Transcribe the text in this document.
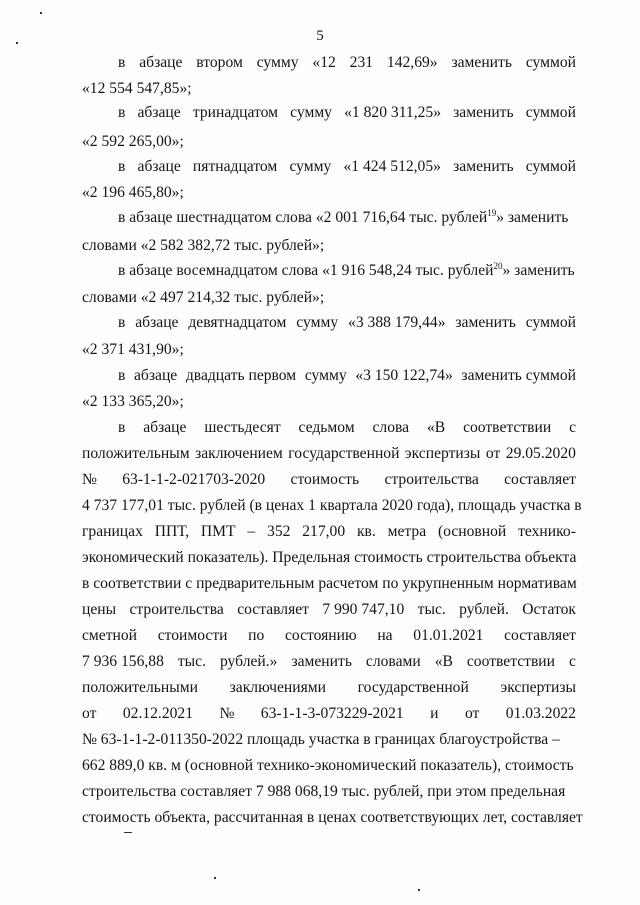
5
в абзаце втором сумму «12 231 142,69» заменить суммой
«12 554 547,85»;
в абзаце тринадцатом сумму «1 820 311,25» заменить суммой
«2 592 265,00»;
в абзаце пятнадцатом сумму «1 424 512,05» заменить суммой
«2 196 465,80»;
в абзаце шестнадцатом слова «2 001 716,64 тыс. рублей$^{19}$» заменить
словами «2 582 382,72 тыс. рублей»;
в абзаце восемнадцатом слова «1 916 548,24 тыс. рублей$^{20}$» заменить
словами «2 497 214,32 тыс. рублей»;
в абзаце девятнадцатом сумму «3 388 179,44» заменить суммой
«2 371 431,90»;
в абзаце двадцать первом сумму «3 150 122,74» заменить суммой
«2 133 365,20»;
в абзаце шестьдесят седьмом слова «В соответствии с
положительным заключением государственной экспертизы от 29.05.2020
№ 63-1-1-2-021703-2020 стоимость строительства составляет
4 737 177,01 тыс. рублей (в ценах 1 квартала 2020 года), площадь участка в
границах ППТ, ПМТ – 352 217,00 кв. метра (основной технико-
экономический показатель). Предельная стоимость строительства объекта
в соответствии с предварительным расчетом по укрупненным нормативам
цены строительства составляет 7 990 747,10 тыс. рублей. Остаток
сметной стоимости по состоянию на 01.01.2021 составляет
7 936 156,88 тыс. рублей.» заменить словами «В соответствии с
положительными заключениями государственной экспертизы
от 02.12.2021 № 63-1-1-3-073229-2021 и от 01.03.2022
№ 63-1-1-2-011350-2022 площадь участка в границах благоустройства –
662 889,0 кв. м (основной технико-экономический показатель), стоимость
строительства составляет 7 988 068,19 тыс. рублей, при этом предельная
стоимость объекта, рассчитанная в ценах соответствующих лет, составляет
